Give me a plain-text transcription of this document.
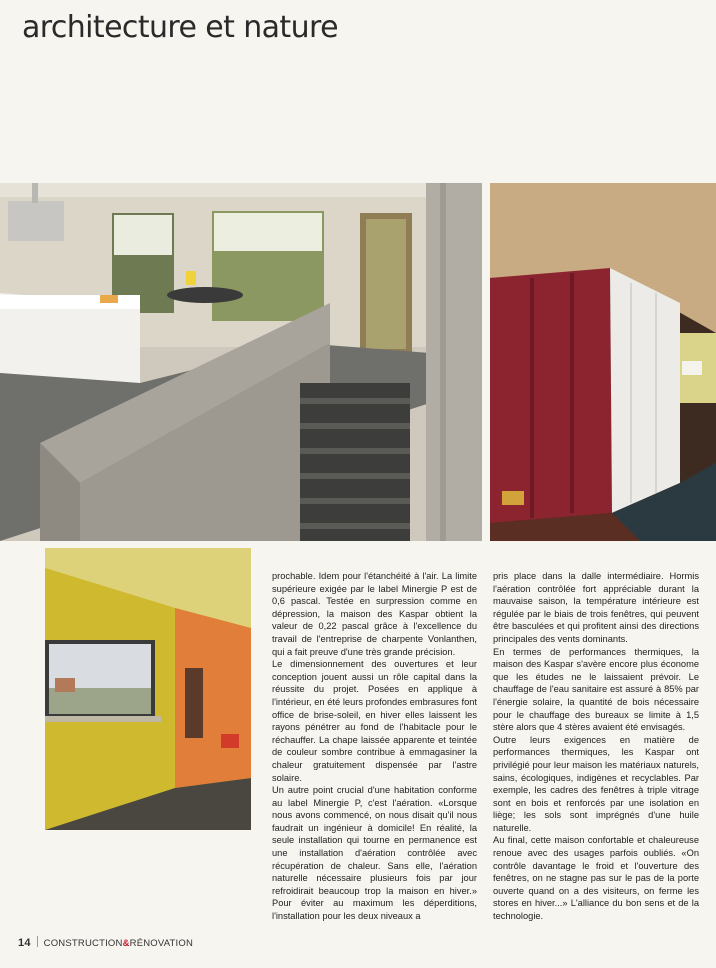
architecture et nature

prochable. Idem pour l'étanchéité à l'air. La limite supérieure exigée par le label Minergie P est de 0,6 pascal. Testée en surpression comme en dépression, la maison des Kaspar obtient la valeur de 0,22 pascal grâce à l'excellence du travail de l'entreprise de charpente Vonlanthen, qui a fait preuve d'une très grande précision.

Le dimensionnement des ouvertures et leur conception jouent aussi un rôle capital dans la réussite du projet. Posées en applique à l'intérieur, en été leurs profondes embrasures font office de brise-soleil, en hiver elles laissent les rayons pénétrer au fond de l'habitacle pour le réchauffer. La chape laissée apparente et teintée de couleur sombre contribue à emmagasiner la chaleur gratuitement dispensée par l'astre solaire.

Un autre point crucial d'une habitation conforme au label Minergie P, c'est l'aération. «Lorsque nous avons commencé, on nous disait qu'il nous faudrait un ingénieur à domicile! En réalité, la seule installation qui tourne en permanence est une installation d'aération contrôlée avec récupération de chaleur. Sans elle, l'aération naturelle nécessaire plusieurs fois par jour refroidirait beaucoup trop la maison en hiver.» Pour éviter au maximum les déperditions, l'installation pour les deux niveaux a

pris place dans la dalle intermédiaire. Hormis l'aération contrôlée fort appréciable durant la mauvaise saison, la température intérieure est régulée par le biais de trois fenêtres, qui peuvent être basculées et qui profitent ainsi des directions principales des vents dominants.

En termes de performances thermiques, la maison des Kaspar s'avère encore plus économe que les études ne le laissaient prévoir. Le chauffage de l'eau sanitaire est assuré à 85% par l'énergie solaire, la quantité de bois nécessaire pour le chauffage des bureaux se limite à 1,5 stère alors que 4 stères avaient été envisagés.

Outre leurs exigences en matière de performances thermiques, les Kaspar ont privilégié pour leur maison les matériaux naturels, sains, écologiques, indigènes et recyclables. Par exemple, les cadres des fenêtres à triple vitrage sont en bois et renforcés par une isolation en liège; les sols sont imprégnés d'une huile naturelle.

Au final, cette maison confortable et chaleureuse renoue avec des usages parfois oubliés. «On contrôle davantage le froid et l'ouverture des fenêtres, on ne stagne pas sur le pas de la porte ouverte quand on a des visiteurs, on ferme les stores en hiver...» L'alliance du bon sens et de la technologie.

14 CONSTRUCTION&RÉNOVATION
